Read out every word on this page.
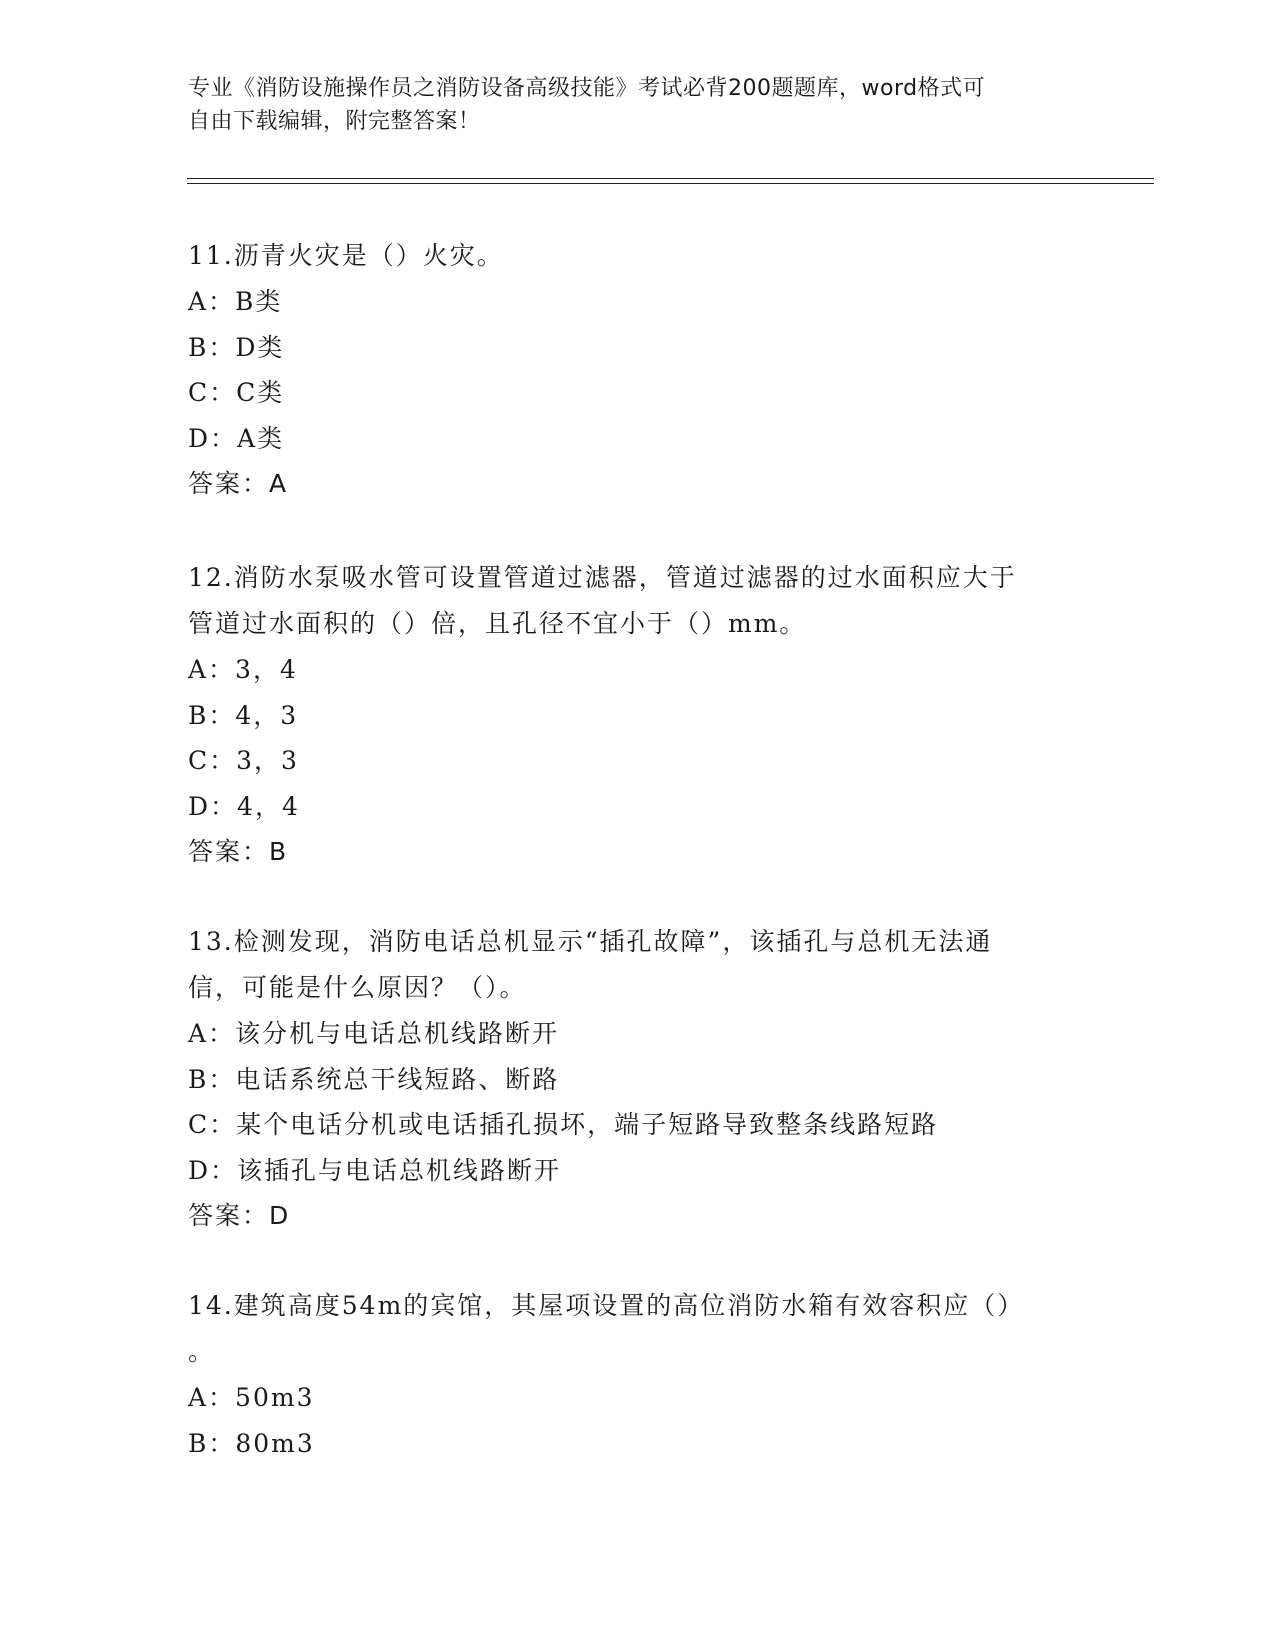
专业《消防设施操作员之消防设备高级技能》考试必背200题题库，word格式可
自由下载编辑，附完整答案！
11.沥青火灾是（）火灾。
A：B类
B：D类
C：C类
D：A类
答案：A
12.消防水泵吸水管可设置管道过滤器，管道过滤器的过水面积应大于
管道过水面积的（）倍，且孔径不宜小于（）mm。
A：3，4
B：4，3
C：3，3
D：4，4
答案：B
13.检测发现，消防电话总机显示“插孔故障”，该插孔与总机无法通
信，可能是什么原因？（）。
A：该分机与电话总机线路断开
B：电话系统总干线短路、断路
C：某个电话分机或电话插孔损坏，端子短路导致整条线路短路
D：该插孔与电话总机线路断开
答案：D
14.建筑高度54m的宾馆，其屋项设置的高位消防水箱有效容积应（）
。
A：50m3
B：80m3
